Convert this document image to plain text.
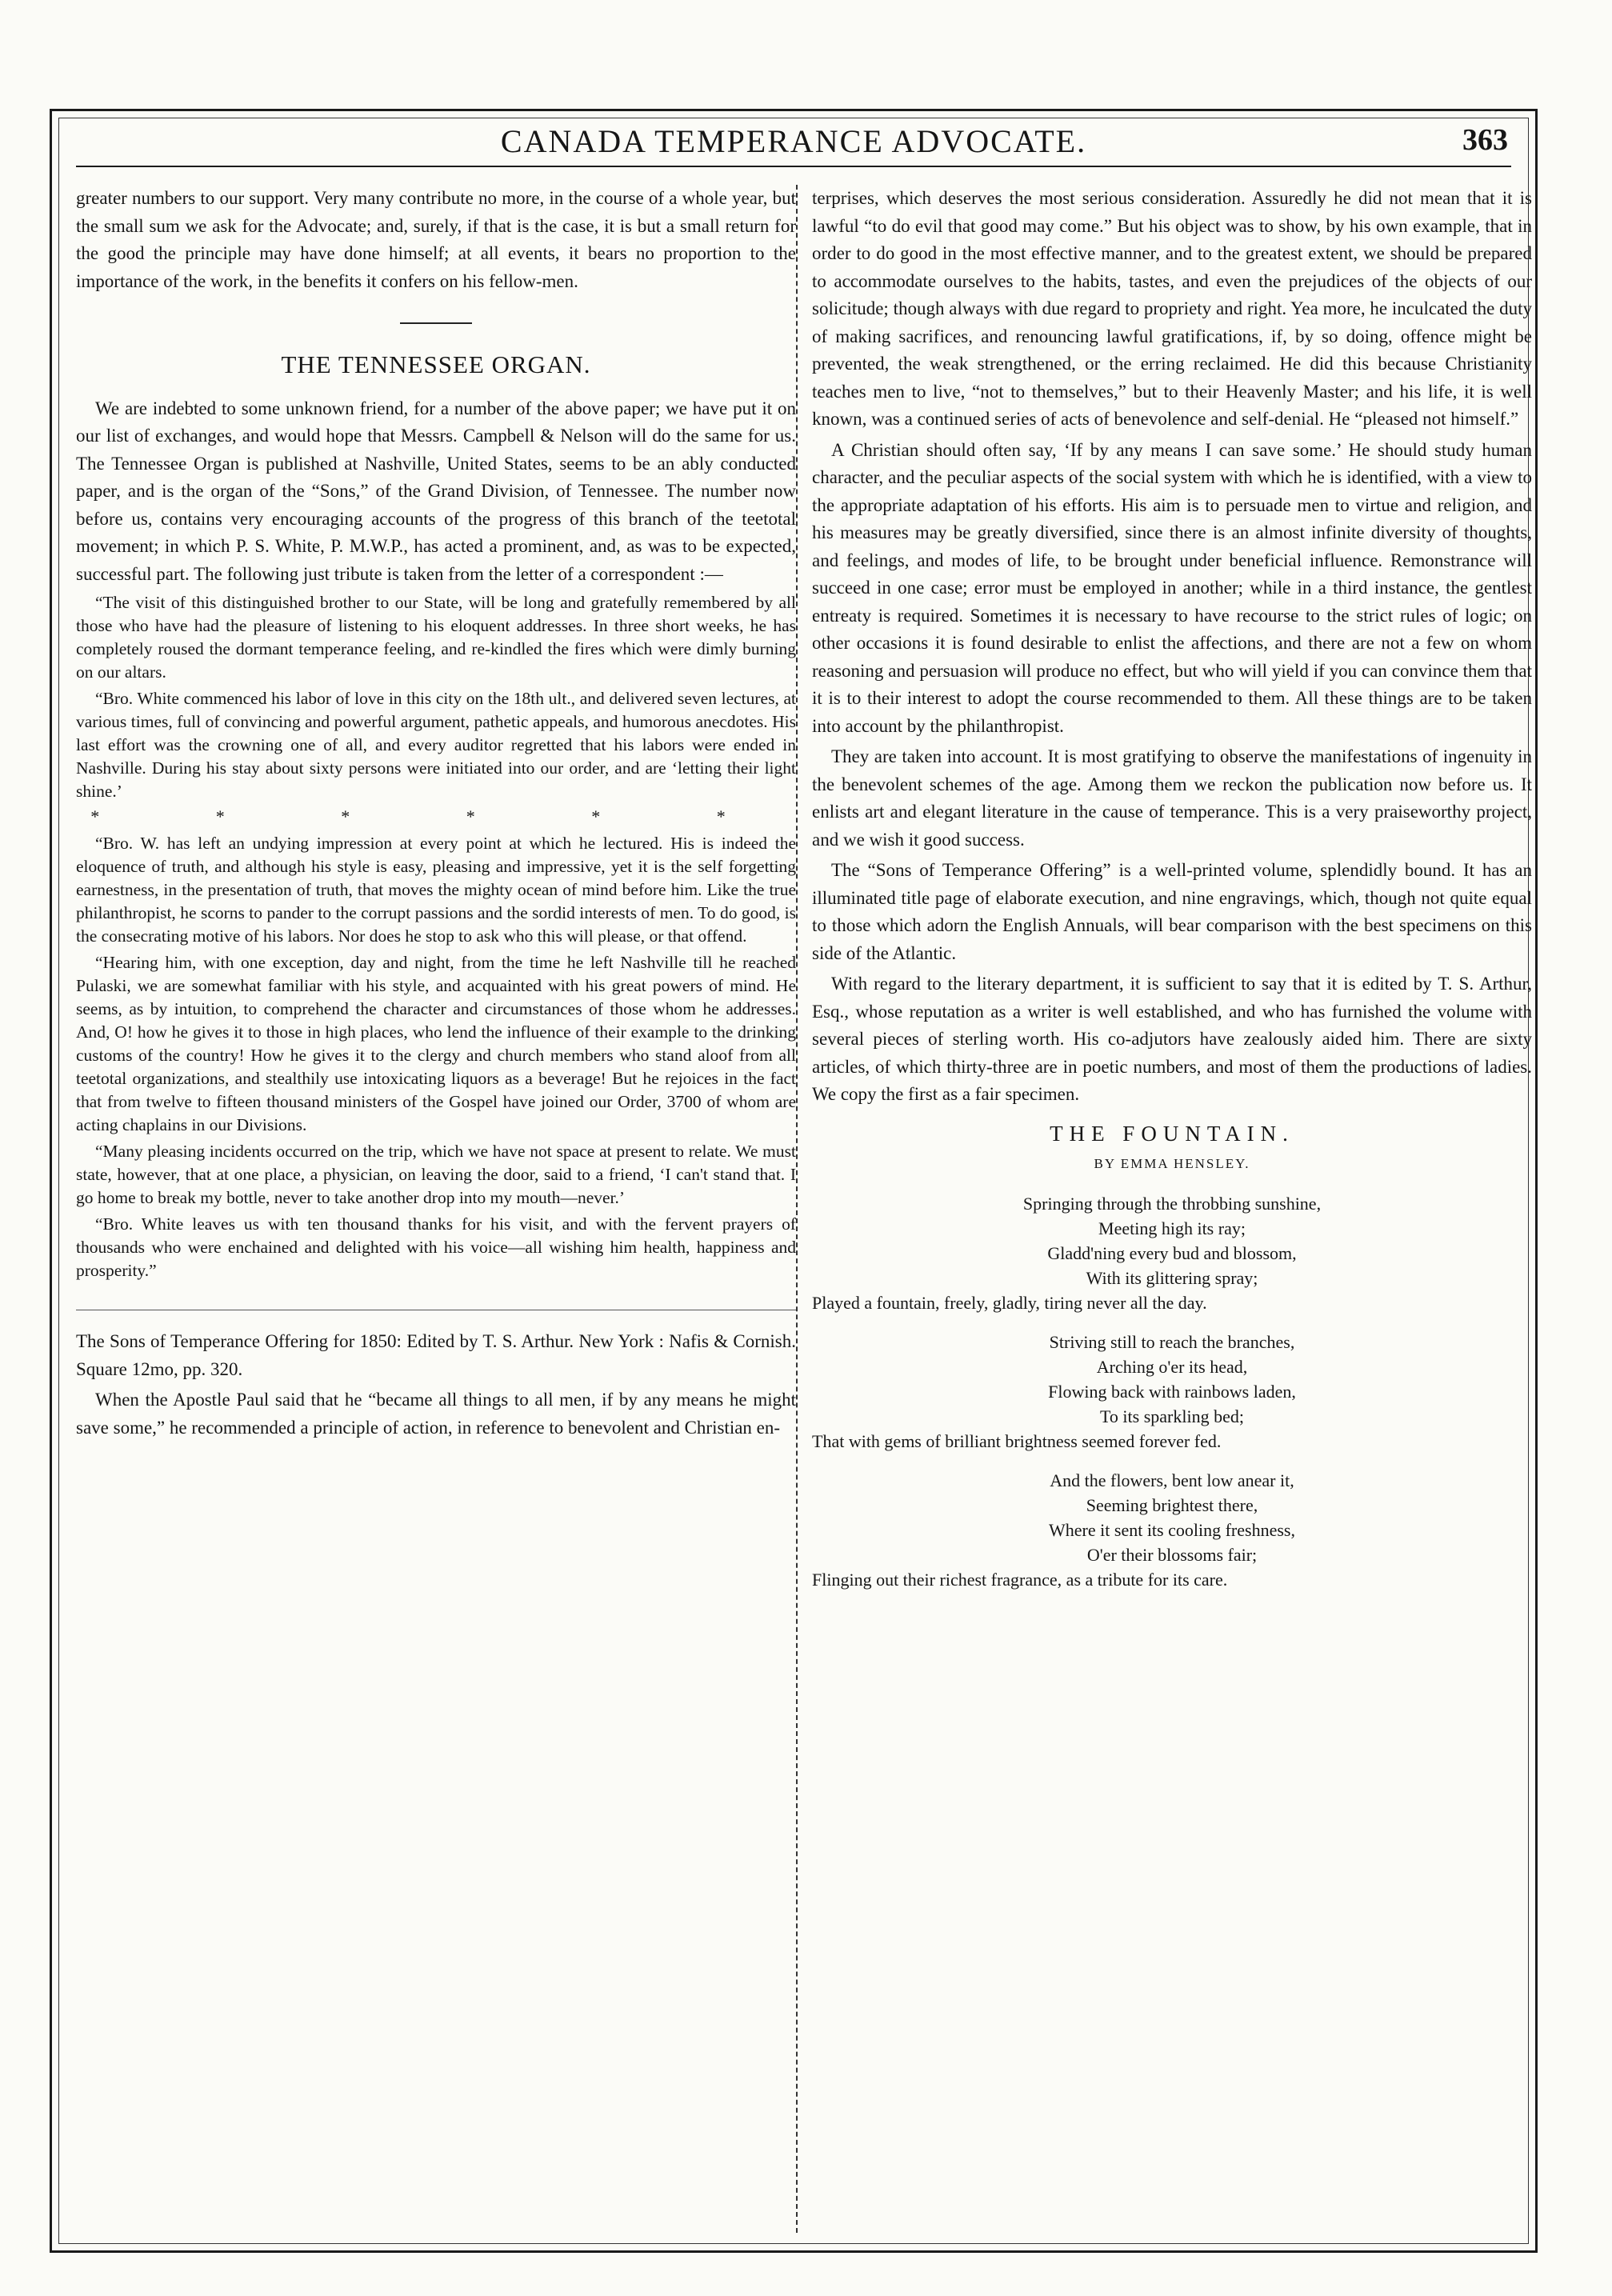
CANADA TEMPERANCE ADVOCATE.	363

greater numbers to our support. Very many contribute no more, in the course of a whole year, but the small sum we ask for the Advocate; and, surely, if that is the case, it is but a small return for the good the principle may have done himself; at all events, it bears no proportion to the importance of the work, in the benefits it confers on his fellow-men.

THE TENNESSEE ORGAN.

We are indebted to some unknown friend, for a number of the above paper; we have put it on our list of exchanges, and would hope that Messrs. Campbell & Nelson will do the same for us. The Tennessee Organ is published at Nashville, United States, seems to be an ably conducted paper, and is the organ of the “Sons,” of the Grand Division, of Tennessee. The number now before us, contains very encouraging accounts of the progress of this branch of the teetotal movement; in which P. S. White, P. M.W.P., has acted a prominent, and, as was to be expected, successful part. The following just tribute is taken from the letter of a correspondent :—

“The visit of this distinguished brother to our State, will be long and gratefully remembered by all those who have had the pleasure of listening to his eloquent addresses. In three short weeks, he has completely roused the dormant temperance feeling, and re-kindled the fires which were dimly burning on our altars.
“Bro. White commenced his labor of love in this city on the 18th ult., and delivered seven lectures, at various times, full of convincing and powerful argument, pathetic appeals, and humorous anecdotes. His last effort was the crowning one of all, and every auditor regretted that his labors were ended in Nashville. During his stay about sixty persons were initiated into our order, and are ‘letting their light shine.’
* * * * * *
“Bro. W. has left an undying impression at every point at which he lectured. His is indeed the eloquence of truth, and although his style is easy, pleasing and impressive, yet it is the self forgetting earnestness, in the presentation of truth, that moves the mighty ocean of mind before him. Like the true philanthropist, he scorns to pander to the corrupt passions and the sordid interests of men. To do good, is the consecrating motive of his labors. Nor does he stop to ask who this will please, or that offend.
“Hearing him, with one exception, day and night, from the time he left Nashville till he reached Pulaski, we are somewhat familiar with his style, and acquainted with his great powers of mind. He seems, as by intuition, to comprehend the character and circumstances of those whom he addresses. And, O! how he gives it to those in high places, who lend the influence of their example to the drinking customs of the country! How he gives it to the clergy and church members who stand aloof from all teetotal organizations, and stealthily use intoxicating liquors as a beverage! But he rejoices in the fact that from twelve to fifteen thousand ministers of the Gospel have joined our Order, 3700 of whom are acting chaplains in our Divisions.
“Many pleasing incidents occurred on the trip, which we have not space at present to relate. We must state, however, that at one place, a physician, on leaving the door, said to a friend, ‘I can't stand that. I go home to break my bottle, never to take another drop into my mouth—never.’
“Bro. White leaves us with ten thousand thanks for his visit, and with the fervent prayers of thousands who were enchained and delighted with his voice—all wishing him health, happiness and prosperity.”

The Sons of Temperance Offering for 1850: Edited by T. S. Arthur. New York : Nafis & Cornish. Square 12mo, pp. 320.

When the Apostle Paul said that he “became all things to all men, if by any means he might save some,” he recommended a principle of action, in reference to benevolent and Christian en-

terprises, which deserves the most serious consideration. Assuredly he did not mean that it is lawful “to do evil that good may come.” But his object was to show, by his own example, that in order to do good in the most effective manner, and to the greatest extent, we should be prepared to accommodate ourselves to the habits, tastes, and even the prejudices of the objects of our solicitude; though always with due regard to propriety and right. Yea more, he inculcated the duty of making sacrifices, and renouncing lawful gratifications, if, by so doing, offence might be prevented, the weak strengthened, or the erring reclaimed. He did this because Christianity teaches men to live, “not to themselves,” but to their Heavenly Master; and his life, it is well known, was a continued series of acts of benevolence and self-denial. He “pleased not himself.”

A Christian should often say, ‘If by any means I can save some.’ He should study human character, and the peculiar aspects of the social system with which he is identified, with a view to the appropriate adaptation of his efforts. His aim is to persuade men to virtue and religion, and his measures may be greatly diversified, since there is an almost infinite diversity of thoughts, and feelings, and modes of life, to be brought under beneficial influence. Remonstrance will succeed in one case; error must be employed in another; while in a third instance, the gentlest entreaty is required. Sometimes it is necessary to have recourse to the strict rules of logic; on other occasions it is found desirable to enlist the affections, and there are not a few on whom reasoning and persuasion will produce no effect, but who will yield if you can convince them that it is to their interest to adopt the course recommended to them. All these things are to be taken into account by the philanthropist.

They are taken into account. It is most gratifying to observe the manifestations of ingenuity in the benevolent schemes of the age. Among them we reckon the publication now before us. It enlists art and elegant literature in the cause of temperance. This is a very praiseworthy project, and we wish it good success.

The “Sons of Temperance Offering” is a well-printed volume, splendidly bound. It has an illuminated title page of elaborate execution, and nine engravings, which, though not quite equal to those which adorn the English Annuals, will bear comparison with the best specimens on this side of the Atlantic.

With regard to the literary department, it is sufficient to say that it is edited by T. S. Arthur, Esq., whose reputation as a writer is well established, and who has furnished the volume with several pieces of sterling worth. His co-adjutors have zealously aided him. There are sixty articles, of which thirty-three are in poetic numbers, and most of them the productions of ladies. We copy the first as a fair specimen.

THE FOUNTAIN.
BY EMMA HENSLEY.
Springing through the throbbing sunshine,
Meeting high its ray;
Gladd'ning every bud and blossom,
With its glittering spray;
Played a fountain, freely, gladly, tiring never all the day.
Striving still to reach the branches,
Arching o'er its head,
Flowing back with rainbows laden,
To its sparkling bed;
That with gems of brilliant brightness seemed forever fed.
And the flowers, bent low anear it,
Seeming brightest there,
Where it sent its cooling freshness,
O'er their blossoms fair;
Flinging out their richest fragrance, as a tribute for its care.
